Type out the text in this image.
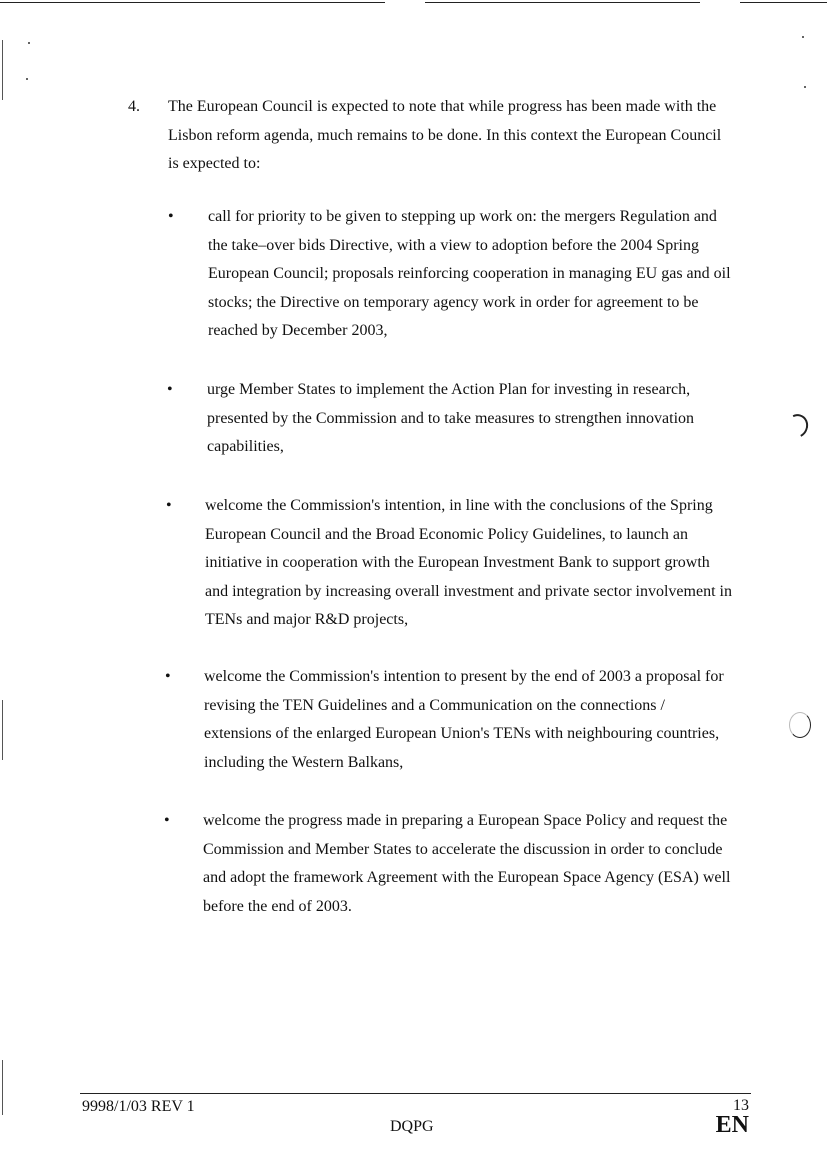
4. The European Council is expected to note that while progress has been made with the
Lisbon reform agenda, much remains to be done. In this context the European Council
is expected to:
• call for priority to be given to stepping up work on: the mergers Regulation and
the take–over bids Directive, with a view to adoption before the 2004 Spring
European Council; proposals reinforcing cooperation in managing EU gas and oil
stocks; the Directive on temporary agency work in order for agreement to be
reached by December 2003,
• urge Member States to implement the Action Plan for investing in research,
presented by the Commission and to take measures to strengthen innovation
capabilities,
• welcome the Commission's intention, in line with the conclusions of the Spring
European Council and the Broad Economic Policy Guidelines, to launch an
initiative in cooperation with the European Investment Bank to support growth
and integration by increasing overall investment and private sector involvement in
TENs and major R&D projects,
• welcome the Commission's intention to present by the end of 2003 a proposal for
revising the TEN Guidelines and a Communication on the connections /
extensions of the enlarged European Union's TENs with neighbouring countries,
including the Western Balkans,
• welcome the progress made in preparing a European Space Policy and request the
Commission and Member States to accelerate the discussion in order to conclude
and adopt the framework Agreement with the European Space Agency (ESA) well
before the end of 2003.
9998/1/03 REV 1
DQPG
13
EN
